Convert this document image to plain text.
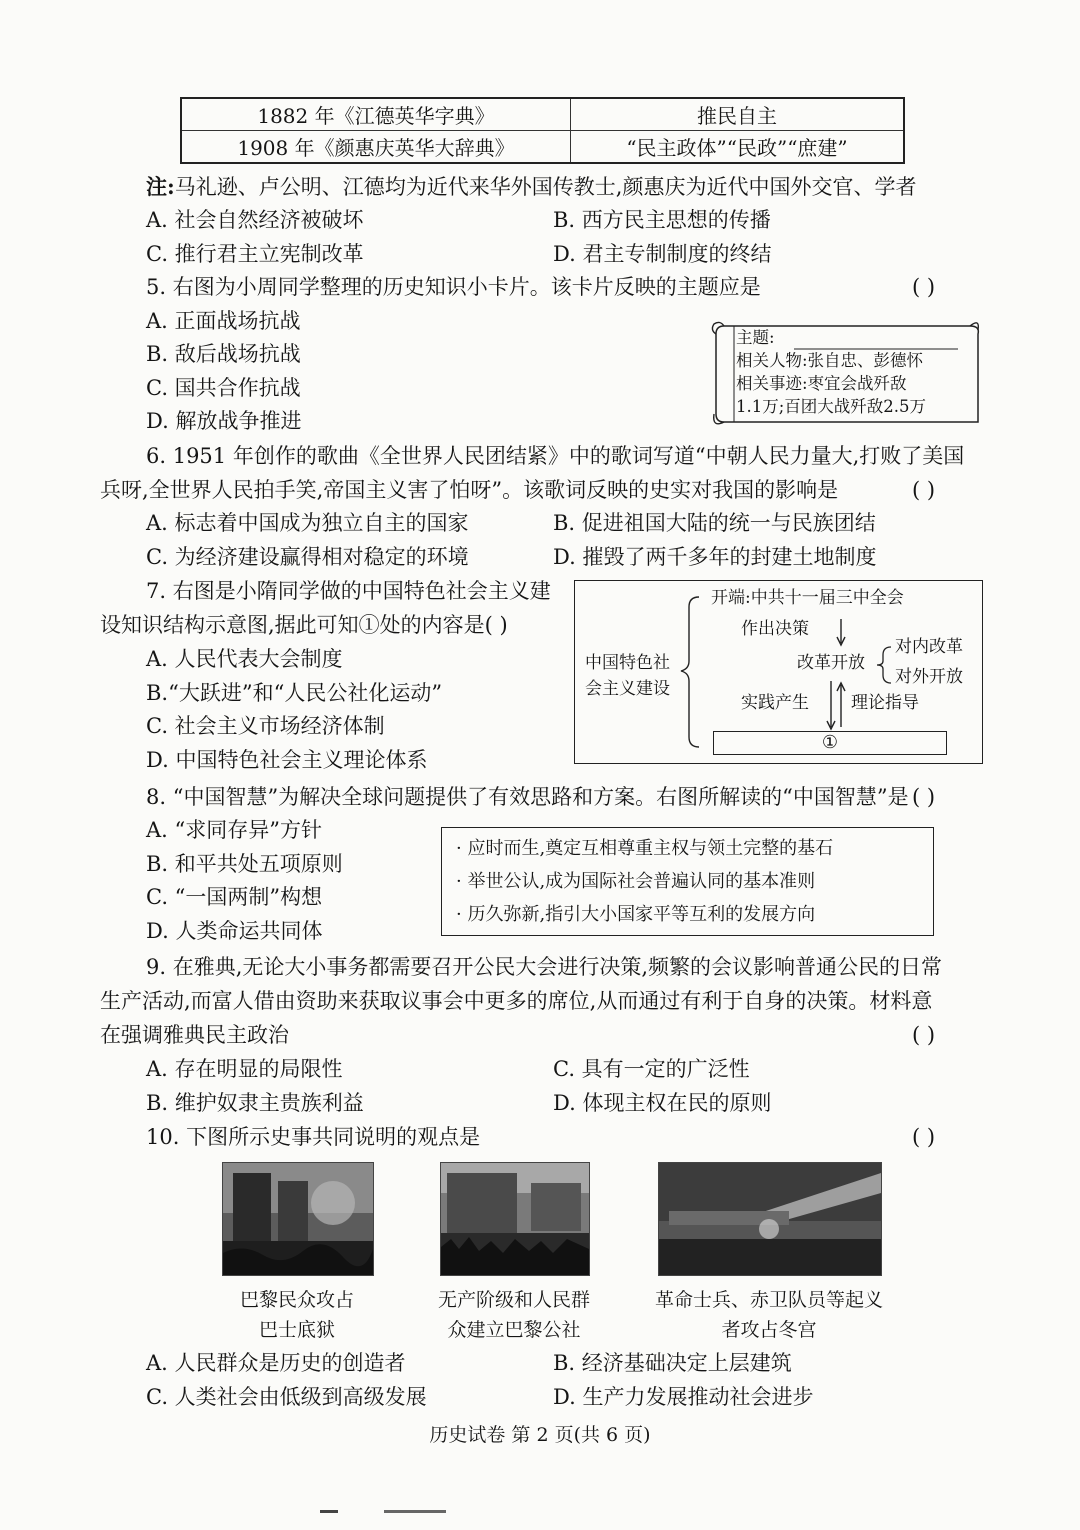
1882 年《江德英华字典》	推民自主
1908 年《颜惠庆英华大辞典》	“民主政体”“民政”“庶建”
注:马礼逊、卢公明、江德均为近代来华外国传教士,颜惠庆为近代中国外交官、学者
A. 社会自然经济被破坏	B. 西方民主思想的传播
C. 推行君主立宪制改革	D. 君主专制制度的终结
5. 右图为小周同学整理的历史知识小卡片。该卡片反映的主题应是	( )
A. 正面战场抗战
B. 敌后战场抗战
C. 国共合作抗战
D. 解放战争推进
主题:
相关人物:张自忠、彭德怀
相关事迹:枣宜会战歼敌
1.1万;百团大战歼敌2.5万
6. 1951 年创作的歌曲《全世界人民团结紧》中的歌词写道“中朝人民力量大,打败了美国
兵呀,全世界人民拍手笑,帝国主义害了怕呀”。该歌词反映的史实对我国的影响是	( )
A. 标志着中国成为独立自主的国家	B. 促进祖国大陆的统一与民族团结
C. 为经济建设赢得相对稳定的环境	D. 摧毁了两千多年的封建土地制度
7. 右图是小隋同学做的中国特色社会主义建
设知识结构示意图,据此可知①处的内容是( )
A. 人民代表大会制度
B.“大跃进”和“人民公社化运动”
C. 社会主义市场经济体制
D. 中国特色社会主义理论体系
中国特色社
会主义建设
开端:中共十一届三中全会
作出决策
改革开放
对内改革
对外开放
实践产生 理论指导
①
8. “中国智慧”为解决全球问题提供了有效思路和方案。右图所解读的“中国智慧”是 ( )
A. “求同存异”方针
B. 和平共处五项原则
C. “一国两制”构想
D. 人类命运共同体
· 应时而生,奠定互相尊重主权与领土完整的基石
· 举世公认,成为国际社会普遍认同的基本准则
· 历久弥新,指引大小国家平等互利的发展方向
9. 在雅典,无论大小事务都需要召开公民大会进行决策,频繁的会议影响普通公民的日常
生产活动,而富人借由资助来获取议事会中更多的席位,从而通过有利于自身的决策。材料意
在强调雅典民主政治	( )
A. 存在明显的局限性	C. 具有一定的广泛性
B. 维护奴隶主贵族利益	D. 体现主权在民的原则
10. 下图所示史事共同说明的观点是	( )
巴黎民众攻占
巴士底狱
无产阶级和人民群
众建立巴黎公社
革命士兵、赤卫队员等起义
者攻占冬宫
A. 人民群众是历史的创造者	B. 经济基础决定上层建筑
C. 人类社会由低级到高级发展	D. 生产力发展推动社会进步
历史试卷 第 2 页(共 6 页)
